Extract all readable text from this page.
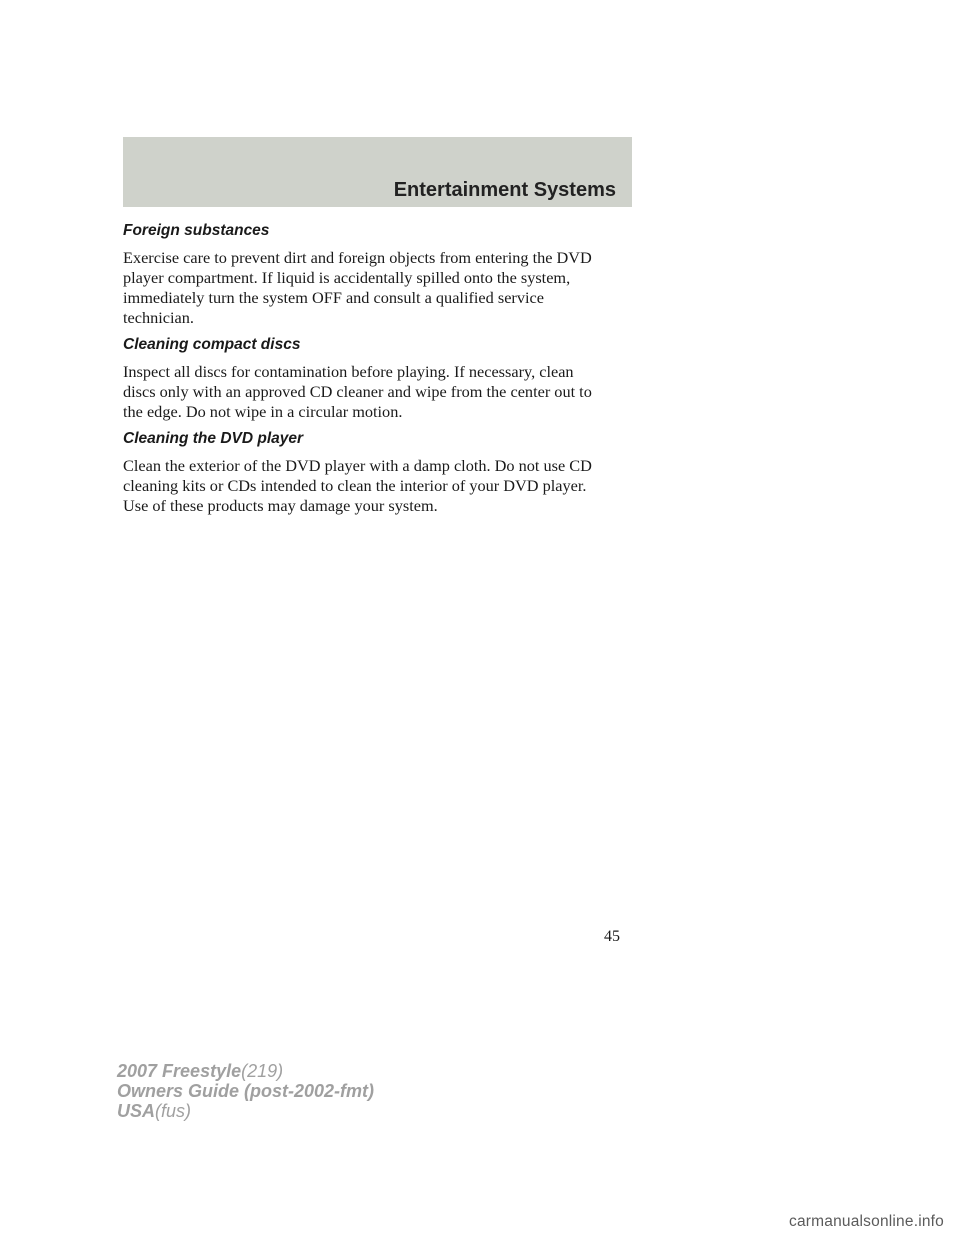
Entertainment Systems
Foreign substances

Exercise care to prevent dirt and foreign objects from entering the DVD
player compartment. If liquid is accidentally spilled onto the system,
immediately turn the system OFF and consult a qualified service
technician.

Cleaning compact discs

Inspect all discs for contamination before playing. If necessary, clean
discs only with an approved CD cleaner and wipe from the center out to
the edge. Do not wipe in a circular motion.

Cleaning the DVD player

Clean the exterior of the DVD player with a damp cloth. Do not use CD
cleaning kits or CDs intended to clean the interior of your DVD player.
Use of these products may damage your system.

45
2007 Freestyle(219)
Owners Guide (post-2002-fmt)
USA(fus)
carmanualsonline.info
